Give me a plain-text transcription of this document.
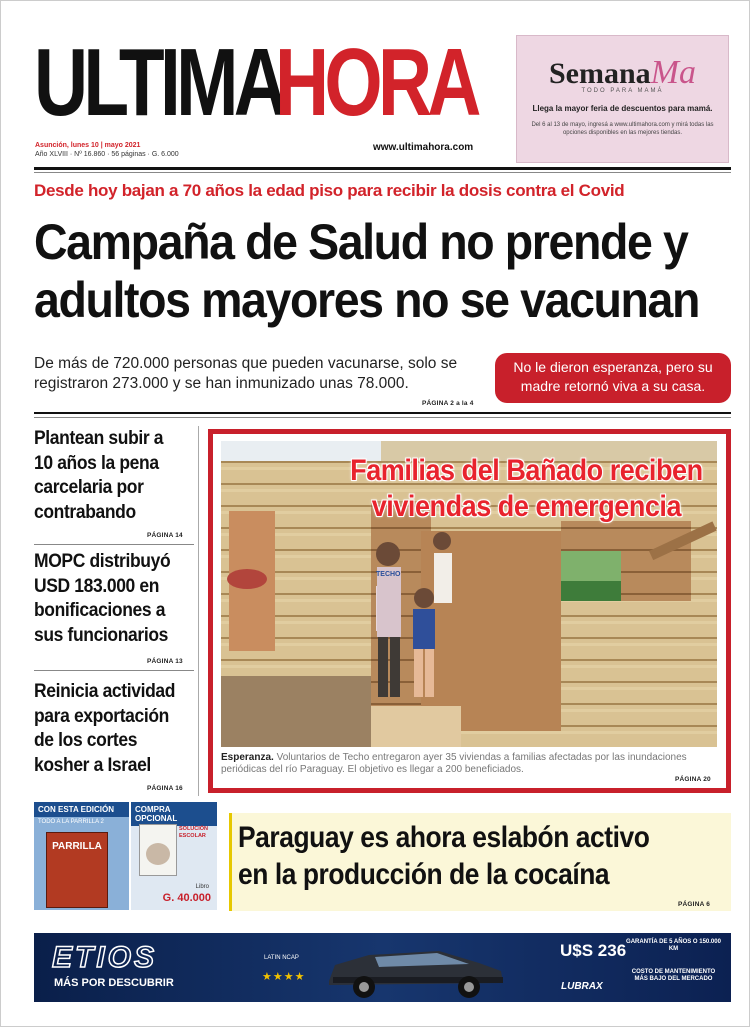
ULTIMA
HORA
Asunción, lunes 10 | mayo 2021
Año XLVIII · Nº 16.860 · 56 páginas · G. 6.000
www.ultimahora.com
SemanaMa
TODO PARA MAMÁ
Llega la mayor feria de descuentos para mamá.
Del 6 al 13 de mayo, ingresá a www.ultimahora.com y mirá todas las opciones disponibles en las mejores tiendas.
Desde hoy bajan a 70 años la edad piso para recibir la dosis contra el Covid
Campaña de Salud no prende y
adultos mayores no se vacunan
De más de 720.000 personas que pueden vacunarse, solo se registraron 273.000 y se han inmunizado unas 78.000.
PÁGINA 2 a la 4
No le dieron esperanza, pero su madre retornó viva a su casa.
Plantean subir a 10 años la pena carcelaria por contrabando
PÁGINA 14
MOPC distribuyó USD 183.000 en bonificaciones a sus funcionarios
PÁGINA 13
Reinicia actividad para exportación de los cortes kosher a Israel
PÁGINA 16
Familias del Bañado reciben
viviendas de emergencia
TECHO
Esperanza. Voluntarios de Techo entregaron ayer 35 viviendas a familias afectadas por las inundaciones periódicas del río Paraguay. El objetivo es llegar a 200 beneficiados.
PÁGINA 20
CON ESTA EDICIÓN
TODO A LA PARRILLA 2
PARRILLA
COMPRA OPCIONAL
SOLUCIÓN ESCOLAR
Libro
G. 40.000
Paraguay es ahora eslabón activo
en la producción de la cocaína
PÁGINA 6
ETIOS
MÁS POR DESCUBRIR
LATIN NCAP
★★★★
U$S 236
LUBRAX
GARANTÍA DE 5 AÑOS O 150.000 KM
COSTO DE MANTENIMIENTO MÁS BAJO DEL MERCADO
